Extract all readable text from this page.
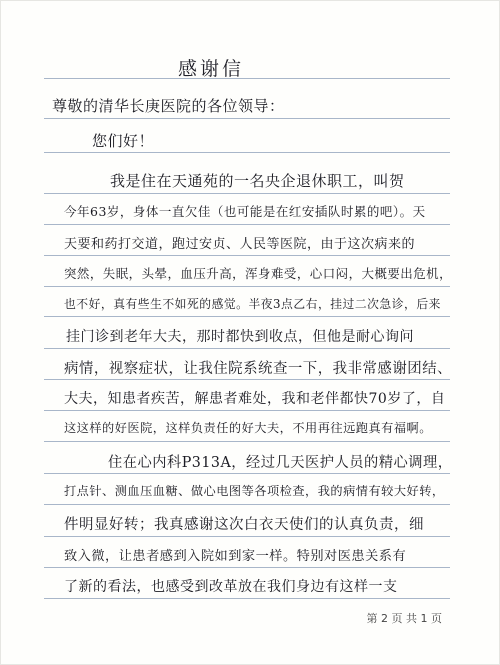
感谢信
尊敬的清华长庚医院的各位领导：
您们好！
我是住在天通苑的一名央企退休职工，叫贺
今年63岁，身体一直欠佳（也可能是在红安插队时累的吧）。天
天要和药打交道，跑过安贞、人民等医院，由于这次病来的
突然，失眠，头晕，血压升高，浑身难受，心口闷，大概要出危机，
也不好，真有些生不如死的感觉。半夜3点乙右，挂过二次急诊，后来
挂门诊到老年大夫，那时都快到收点，但他是耐心询问
病情，视察症状，让我住院系统查一下，我非常感谢团结、
大夫，知患者疾苦，解患者难处，我和老伴都快70岁了，自
这这样的好医院，这样负责任的好大夫，不用再往远跑真有福啊。
住在心内科P313A，经过几天医护人员的精心调理，
打点针、测血压血糖、做心电图等各项检查，我的病情有较大好转，
件明显好转；我真感谢这次白衣天使们的认真负责，细
致入微，让患者感到入院如到家一样。特别对医患关系有
了新的看法，也感受到改革放在我们身边有这样一支
第 2 页 共 1 页
